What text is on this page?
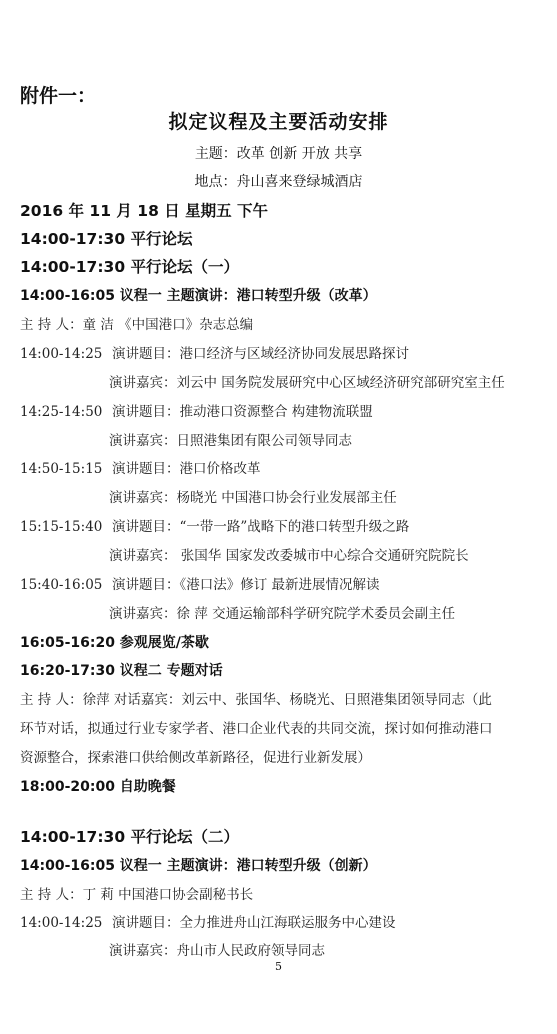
附件一：
拟定议程及主要活动安排
主题：改革 创新 开放 共享
地点：舟山喜来登绿城酒店
2016 年 11 月 18 日 星期五 下午
14:00-17:30 平行论坛
14:00-17:30 平行论坛（一）
14:00-16:05 议程一 主题演讲：港口转型升级（改革）
主 持 人：童 洁 《中国港口》杂志总编
14:00-14:25 演讲题目：港口经济与区域经济协同发展思路探讨
演讲嘉宾：刘云中 国务院发展研究中心区域经济研究部研究室主任
14:25-14:50 演讲题目：推动港口资源整合 构建物流联盟
演讲嘉宾：日照港集团有限公司领导同志
14:50-15:15 演讲题目：港口价格改革
演讲嘉宾：杨晓光 中国港口协会行业发展部主任
15:15-15:40 演讲题目：“一带一路”战略下的港口转型升级之路
演讲嘉宾： 张国华 国家发改委城市中心综合交通研究院院长
15:40-16:05 演讲题目：《港口法》修订 最新进展情况解读
演讲嘉宾：徐 萍 交通运输部科学研究院学术委员会副主任
16:05-16:20 参观展览/茶歇
16:20-17:30 议程二 专题对话
主 持 人：徐萍 对话嘉宾：刘云中、张国华、杨晓光、日照港集团领导同志（此
环节对话，拟通过行业专家学者、港口企业代表的共同交流，探讨如何推动港口
资源整合，探索港口供给侧改革新路径，促进行业新发展）
18:00-20:00 自助晚餐
14:00-17:30 平行论坛（二）
14:00-16:05 议程一 主题演讲：港口转型升级（创新）
主 持 人：丁 莉 中国港口协会副秘书长
14:00-14:25 演讲题目：全力推进舟山江海联运服务中心建设
演讲嘉宾：舟山市人民政府领导同志
5
